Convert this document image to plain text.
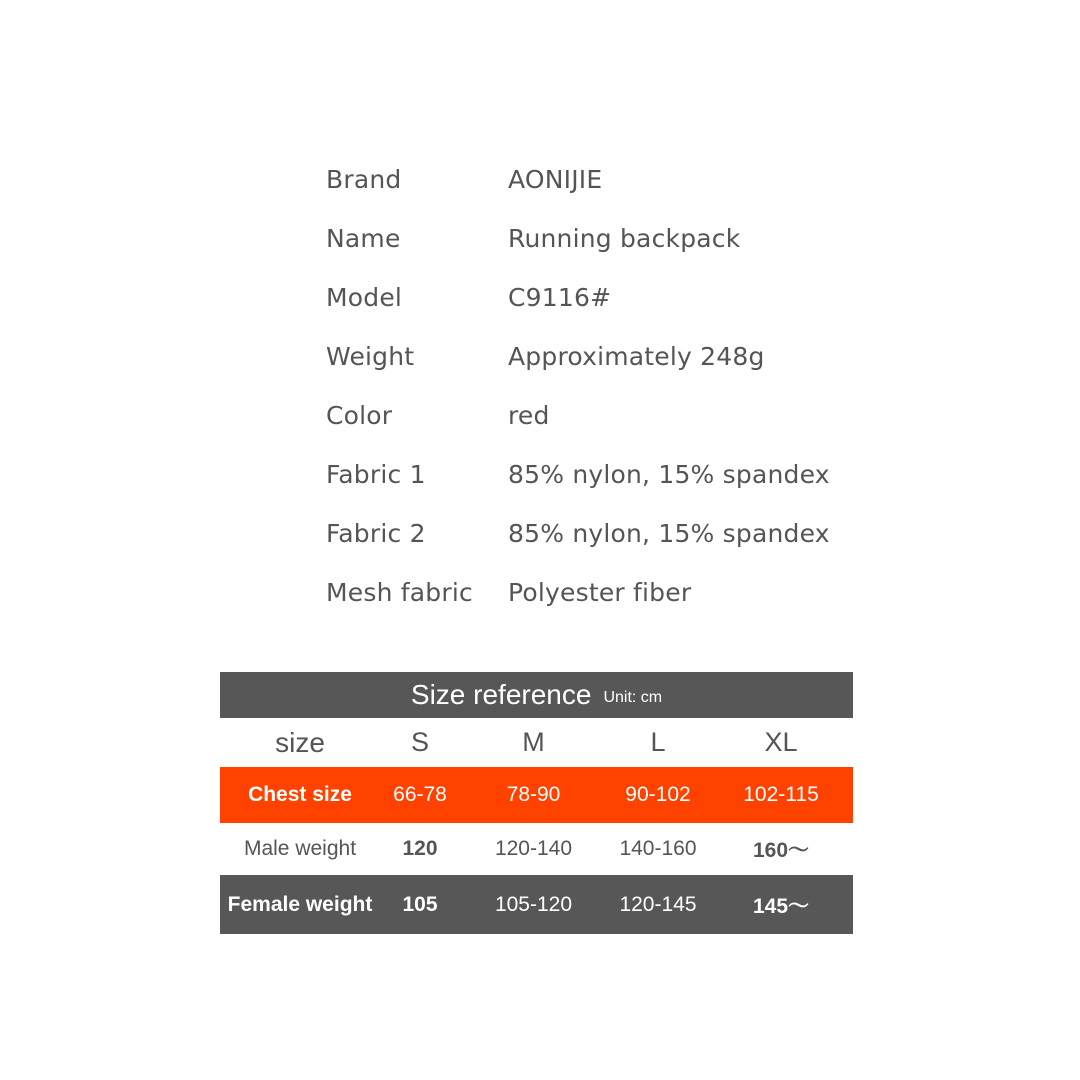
Brand	AONIJIE
Name	Running backpack
Model	C9116#
Weight	Approximately 248g
Color	red
Fabric 1	85% nylon, 15% spandex
Fabric 2	85% nylon, 15% spandex
Mesh fabric	Polyester fiber
Size reference Unit: cm
size	S	M	L	XL
Chest size	66-78	78-90	90-102	102-115
Male weight	120	120-140	140-160	160～
Female weight	105	105-120	120-145	145～
